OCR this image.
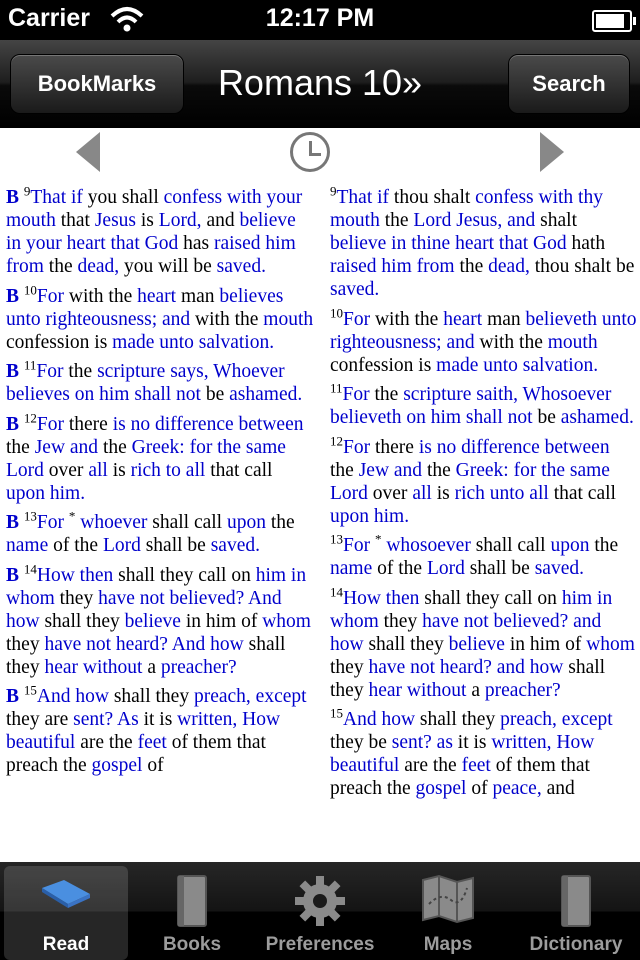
Carrier	12:17 PM
BookMarks	Romans 10»	Search
B $^9$That if you shall confess with your mouth that Jesus is Lord, and believe in your heart that God has raised him from the dead, you will be saved.
B $^{10}$For with the heart man believes unto righteousness; and with the mouth confession is made unto salvation.
B $^{11}$For the scripture says, Whoever believes on him shall not be ashamed.
B $^{12}$For there is no difference between the Jew and the Greek: for the same Lord over all is rich to all that call upon him.
B $^{13}$For * whoever shall call upon the name of the Lord shall be saved.
B $^{14}$How then shall they call on him in whom they have not believed? And how shall they believe in him of whom they have not heard? And how shall they hear without a preacher?
B $^{15}$And how shall they preach, except they are sent? As it is written, How beautiful are the feet of them that preach the gospel of
$^9$That if thou shalt confess with thy mouth the Lord Jesus, and shalt believe in thine heart that God hath raised him from the dead, thou shalt be saved.
$^{10}$For with the heart man believeth unto righteousness; and with the mouth confession is made unto salvation.
$^{11}$For the scripture saith, Whosoever believeth on him shall not be ashamed.
$^{12}$For there is no difference between the Jew and the Greek: for the same Lord over all is rich unto all that call upon him.
$^{13}$For * whosoever shall call upon the name of the Lord shall be saved.
$^{14}$How then shall they call on him in whom they have not believed? and how shall they believe in him of whom they have not heard? and how shall they hear without a preacher?
$^{15}$And how shall they preach, except they be sent? as it is written, How beautiful are the feet of them that preach the gospel of peace, and
Read	Books	Preferences	Maps	Dictionary
